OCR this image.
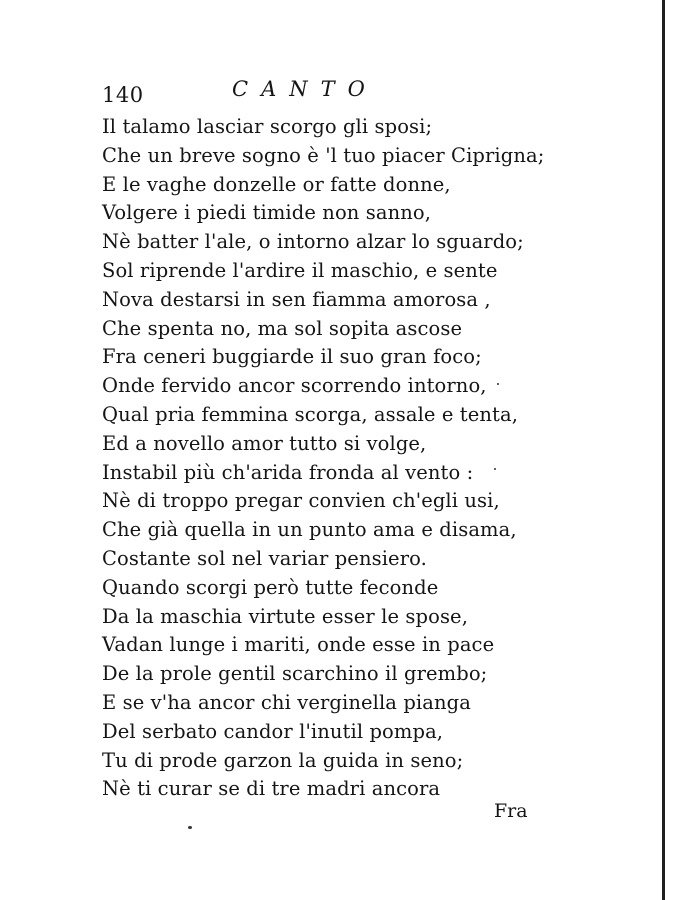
140	CANTO
Il talamo lasciar scorgo gli sposi;
Che un breve sogno è 'l tuo piacer Ciprigna;
E le vaghe donzelle or fatte donne,
Volgere i piedi timide non sanno,
Nè batter l'ale, o intorno alzar lo sguardo;
Sol riprende l'ardire il maschio, e sente
Nova destarsi in sen fiamma amorosa ,
Che spenta no, ma sol sopita ascose
Fra ceneri buggiarde il suo gran foco;
Onde fervido ancor scorrendo intorno,
Qual pria femmina scorga, assale e tenta,
Ed a novello amor tutto si volge,
Instabil più ch'arida fronda al vento :
Nè di troppo pregar convien ch'egli usi,
Che già quella in un punto ama e disama,
Costante sol nel variar pensiero.
Quando scorgi però tutte feconde
Da la maschia virtute esser le spose,
Vadan lunge i mariti, onde esse in pace
De la prole gentil scarchino il grembo;
E se v'ha ancor chi verginella pianga
Del serbato candor l'inutil pompa,
Tu di prode garzon la guida in seno;
Nè ti curar se di tre madri ancora
Fra
